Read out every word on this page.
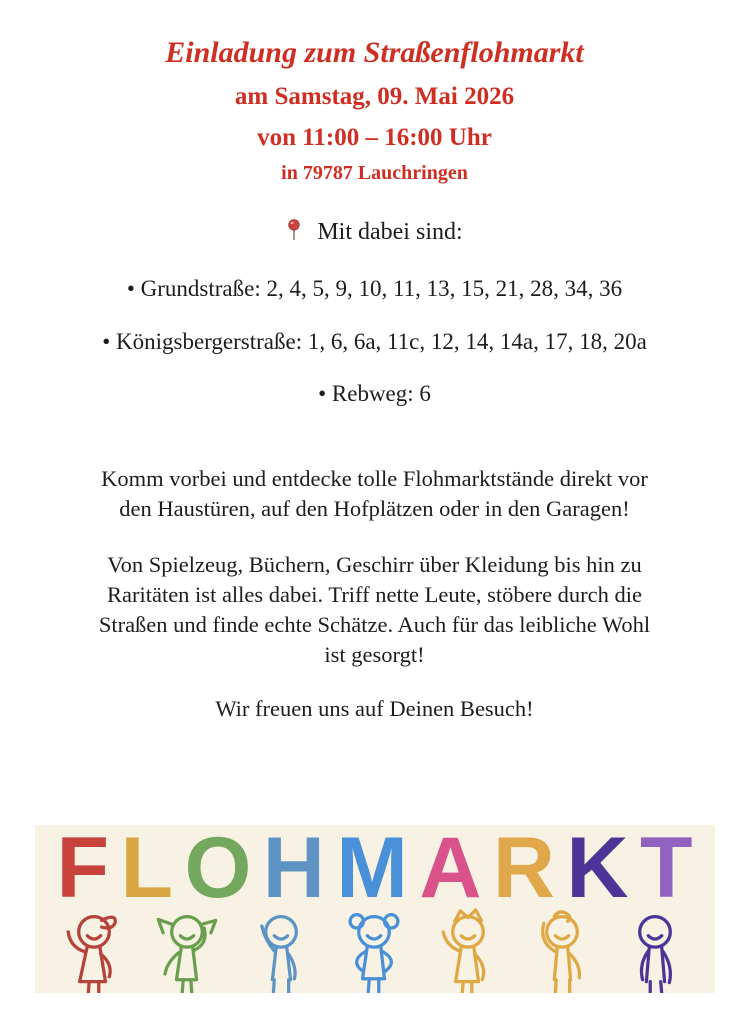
Einladung zum Straßenflohmarkt

am Samstag, 09. Mai 2026

von 11:00 – 16:00 Uhr

in 79787 Lauchringen

Mit dabei sind:

• Grundstraße: 2, 4, 5, 9, 10, 11, 13, 15, 21, 28, 34, 36
• Königsbergerstraße: 1, 6, 6a, 11c, 12, 14, 14a, 17, 18, 20a
• Rebweg: 6

Komm vorbei und entdecke tolle Flohmarktstände direkt vor den Haustüren, auf den Hofplätzen oder in den Garagen!

Von Spielzeug, Büchern, Geschirr über Kleidung bis hin zu Raritäten ist alles dabei. Triff nette Leute, stöbere durch die Straßen und finde echte Schätze. Auch für das leibliche Wohl ist gesorgt!

Wir freuen uns auf Deinen Besuch!

F L O H M A R K T
